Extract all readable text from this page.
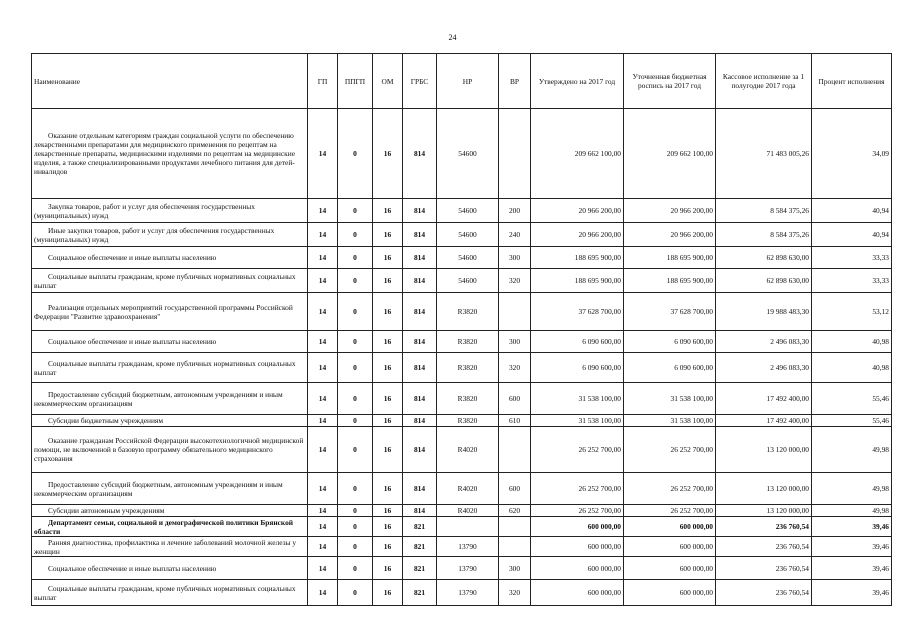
24
Наименование	ГП	ППГП	ОМ	ГРБС	НР	ВР	Утверждено на 2017 год	Уточненная бюджетная роспись на 2017 год	Кассовое исполнение за 1 полугодие 2017 года	Процент исполнения

Оказание отдельным категориям граждан социальной услуги по обеспечению лекарственными препаратами для медицинского применения по рецептам на лекарственные препараты, медицинскими изделиями по рецептам на медицинские изделия, а также специализированными продуктами лечебного питания для детей-инвалидов	14	0	16	814	54600		209 662 100,00	209 662 100,00	71 483 005,26	34,09

Закупка товаров, работ и услуг для обеспечения государственных (муниципальных) нужд	14	0	16	814	54600	200	20 966 200,00	20 966 200,00	8 584 375,26	40,94

Иные закупки товаров, работ и услуг для обеспечения государственных (муниципальных) нужд	14	0	16	814	54600	240	20 966 200,00	20 966 200,00	8 584 375,26	40,94

Социальное обеспечение и иные выплаты населению	14	0	16	814	54600	300	188 695 900,00	188 695 900,00	62 898 630,00	33,33

Социальные выплаты гражданам, кроме публичных нормативных социальных выплат	14	0	16	814	54600	320	188 695 900,00	188 695 900,00	62 898 630,00	33,33

Реализация отдельных мероприятий государственной программы Российской Федерации "Развитие здравоохранения"	14	0	16	814	R3820		37 628 700,00	37 628 700,00	19 988 483,30	53,12

Социальное обеспечение и иные выплаты населению	14	0	16	814	R3820	300	6 090 600,00	6 090 600,00	2 496 083,30	40,98

Социальные выплаты гражданам, кроме публичных нормативных социальных выплат	14	0	16	814	R3820	320	6 090 600,00	6 090 600,00	2 496 083,30	40,98

Предоставление субсидий бюджетным, автономным учреждениям и иным некоммерческим организациям	14	0	16	814	R3820	600	31 538 100,00	31 538 100,00	17 492 400,00	55,46

Субсидии бюджетным учреждениям	14	0	16	814	R3820	610	31 538 100,00	31 538 100,00	17 492 400,00	55,46

Оказание гражданам Российской Федерации высокотехнологичной медицинской помощи, не включенной в базовую программу обязательного медицинского страхования	14	0	16	814	R4020		26 252 700,00	26 252 700,00	13 120 000,00	49,98

Предоставление субсидий бюджетным, автономным учреждениям и иным некоммерческим организациям	14	0	16	814	R4020	600	26 252 700,00	26 252 700,00	13 120 000,00	49,98

Субсидии автономным учреждениям	14	0	16	814	R4020	620	26 252 700,00	26 252 700,00	13 120 000,00	49,98

Департамент семьи, социальной и демографической политики Брянской области	14	0	16	821			600 000,00	600 000,00	236 760,54	39,46

Ранняя диагностика, профилактика и лечение заболеваний молочной железы у женщин	14	0	16	821	13790		600 000,00	600 000,00	236 760,54	39,46

Социальное обеспечение и иные выплаты населению	14	0	16	821	13790	300	600 000,00	600 000,00	236 760,54	39,46

Социальные выплаты гражданам, кроме публичных нормативных социальных выплат	14	0	16	821	13790	320	600 000,00	600 000,00	236 760,54	39,46
